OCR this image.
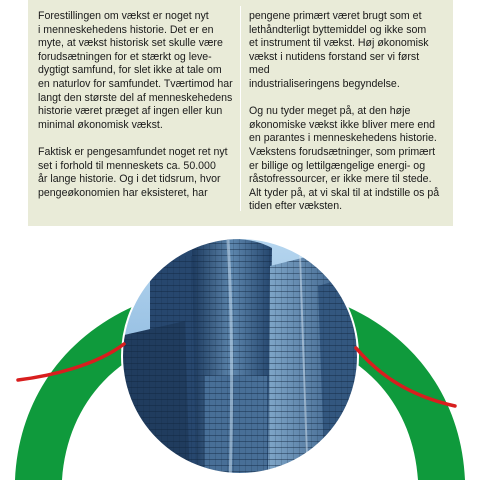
Forestillingen om vækst er noget nyt
i menneskehedens historie. Det er en
myte, at vækst historisk set skulle være
forudsætningen for et stærkt og leve-
dygtigt samfund, for slet ikke at tale om
en naturlov for samfundet. Tværtimod har
langt den største del af menneskehedens
historie været præget af ingen eller kun
minimal økonomisk vækst.

Faktisk er pengesamfundet noget ret nyt
set i forhold til menneskets ca. 50.000
år lange historie. Og i det tidsrum, hvor
pengeøkonomien har eksisteret, har

pengene primært været brugt som et
lethåndterligt byttemiddel og ikke som
et instrument til vækst. Høj økonomisk
vækst i nutidens forstand ser vi først med
industrialiseringens begyndelse.

Og nu tyder meget på, at den høje
økonomiske vækst ikke bliver mere end
en parantes i menneskehedens historie.
Vækstens forudsætninger, som primært
er billige og lettilgængelige energi- og
råstofressourcer, er ikke mere til stede.
Alt tyder på, at vi skal til at indstille os på
tiden efter væksten.
